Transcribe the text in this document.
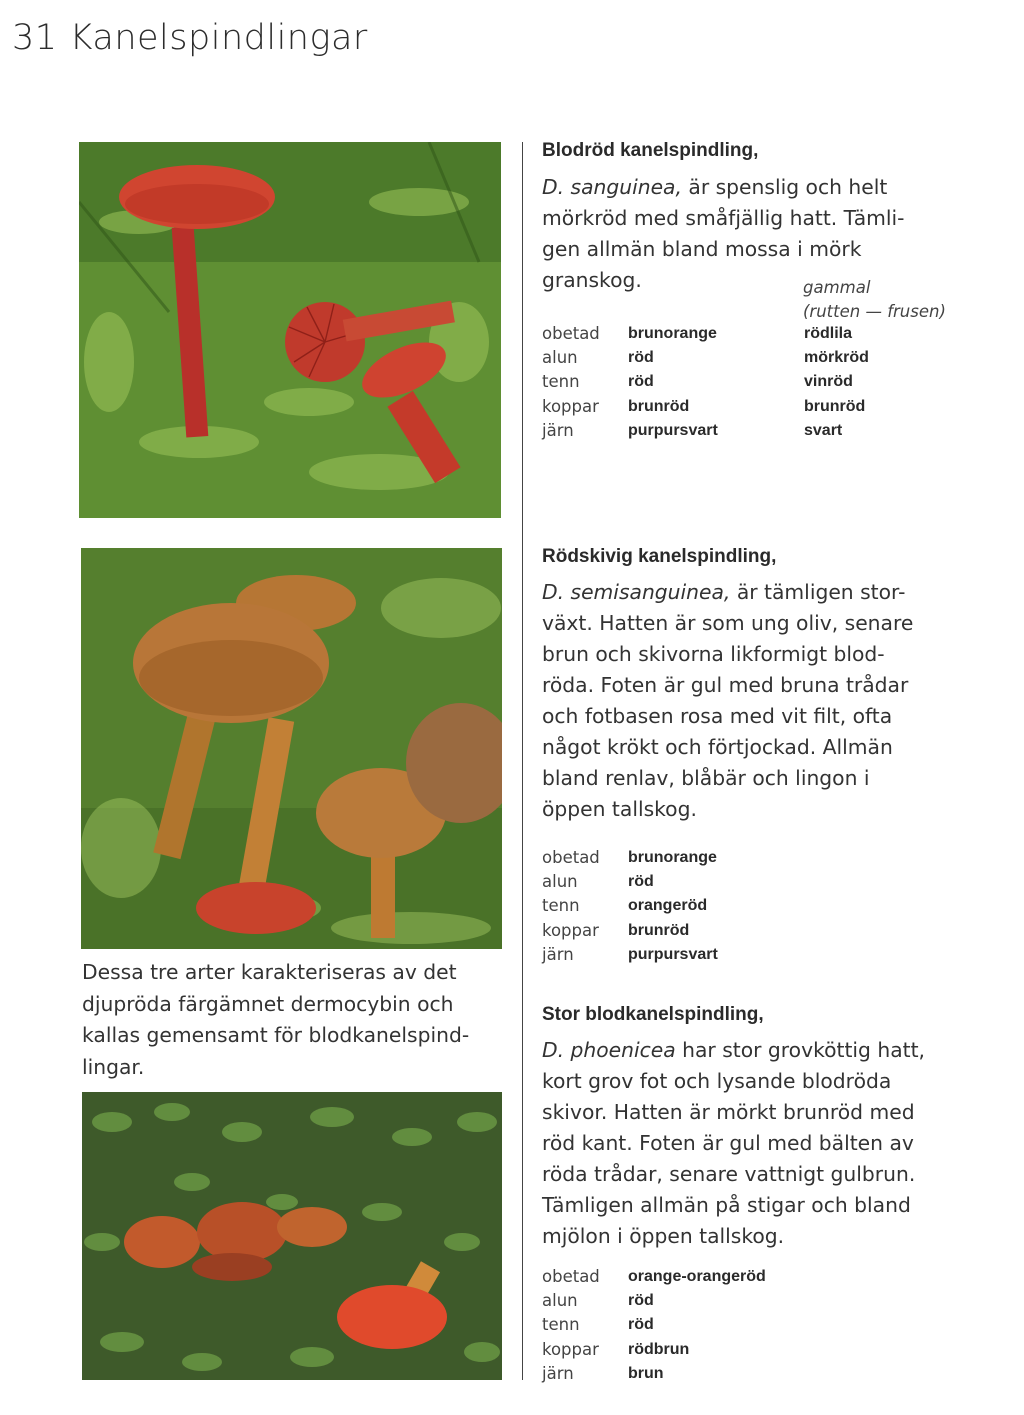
31 Kanelspindlingar
Dessa tre arter karakteriseras av det djupröda färgämnet dermocybin och kallas gemensamt för blodkanelspind-lingar.
Blodröd kanelspindling,

D. sanguinea, är spenslig och helt
mörkröd med småfjällig hatt. Tämli-
gen allmän bland mossa i mörk
granskog.	gammal
(rutten — frusen)
obetad	brunorange	rödlila
alun	röd	mörkröd
tenn	röd	vinröd
koppar	brunröd	brunröd
järn	purpursvart	svart
Rödskivig kanelspindling,

D. semisanguinea, är tämligen stor-
växt. Hatten är som ung oliv, senare
brun och skivorna likformigt blod-
röda. Foten är gul med bruna trådar
och fotbasen rosa med vit filt, ofta
något krökt och förtjockad. Allmän
bland renlav, blåbär och lingon i
öppen tallskog.

obetad	brunorange
alun	röd
tenn	orangeröd
koppar	brunröd
järn	purpursvart
Stor blodkanelspindling,

D. phoenicea har stor grovköttig hatt,
kort grov fot och lysande blodröda
skivor. Hatten är mörkt brunröd med
röd kant. Foten är gul med bälten av
röda trådar, senare vattnigt gulbrun.
Tämligen allmän på stigar och bland
mjölon i öppen tallskog.

obetad	orange-orangeröd
alun	röd
tenn	röd
koppar	rödbrun
järn	brun
